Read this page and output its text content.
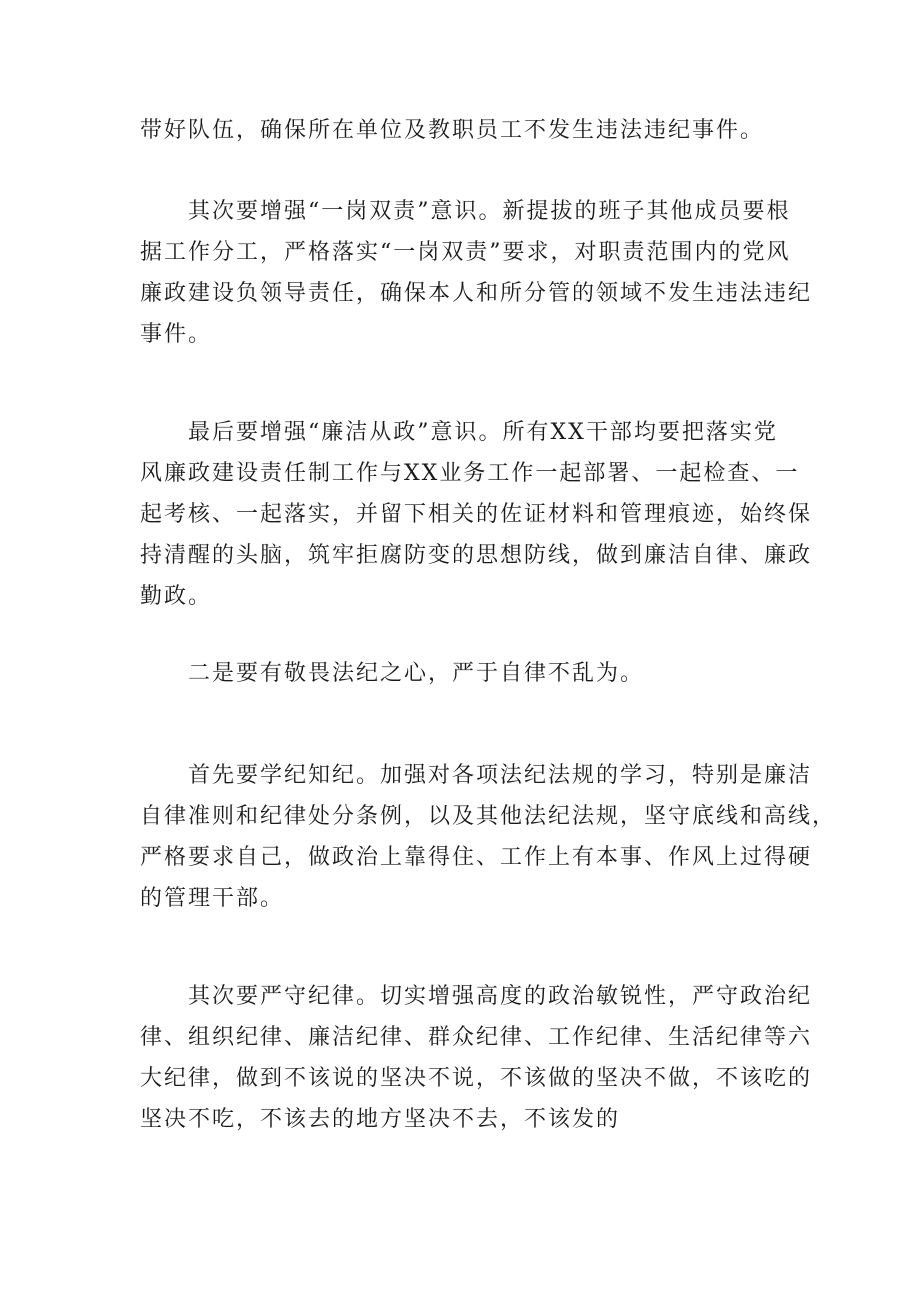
带好队伍，确保所在单位及教职员工不发生违法违纪事件。
其次要增强“一岗双责”意识。新提拔的班子其他成员要根
据工作分工，严格落实“一岗双责”要求，对职责范围内的党风
廉政建设负领导责任，确保本人和所分管的领域不发生违法违纪
事件。
最后要增强“廉洁从政”意识。所有XX干部均要把落实党
风廉政建设责任制工作与XX业务工作一起部署、一起检查、一
起考核、一起落实，并留下相关的佐证材料和管理痕迹，始终保
持清醒的头脑，筑牢拒腐防变的思想防线，做到廉洁自律、廉政
勤政。
二是要有敬畏法纪之心，严于自律不乱为。
首先要学纪知纪。加强对各项法纪法规的学习，特别是廉洁
自律准则和纪律处分条例，以及其他法纪法规，坚守底线和高线，
严格要求自己，做政治上靠得住、工作上有本事、作风上过得硬
的管理干部。
其次要严守纪律。切实增强高度的政治敏锐性，严守政治纪
律、组织纪律、廉洁纪律、群众纪律、工作纪律、生活纪律等六
大纪律，做到不该说的坚决不说，不该做的坚决不做，不该吃的
坚决不吃，不该去的地方坚决不去，不该发的
